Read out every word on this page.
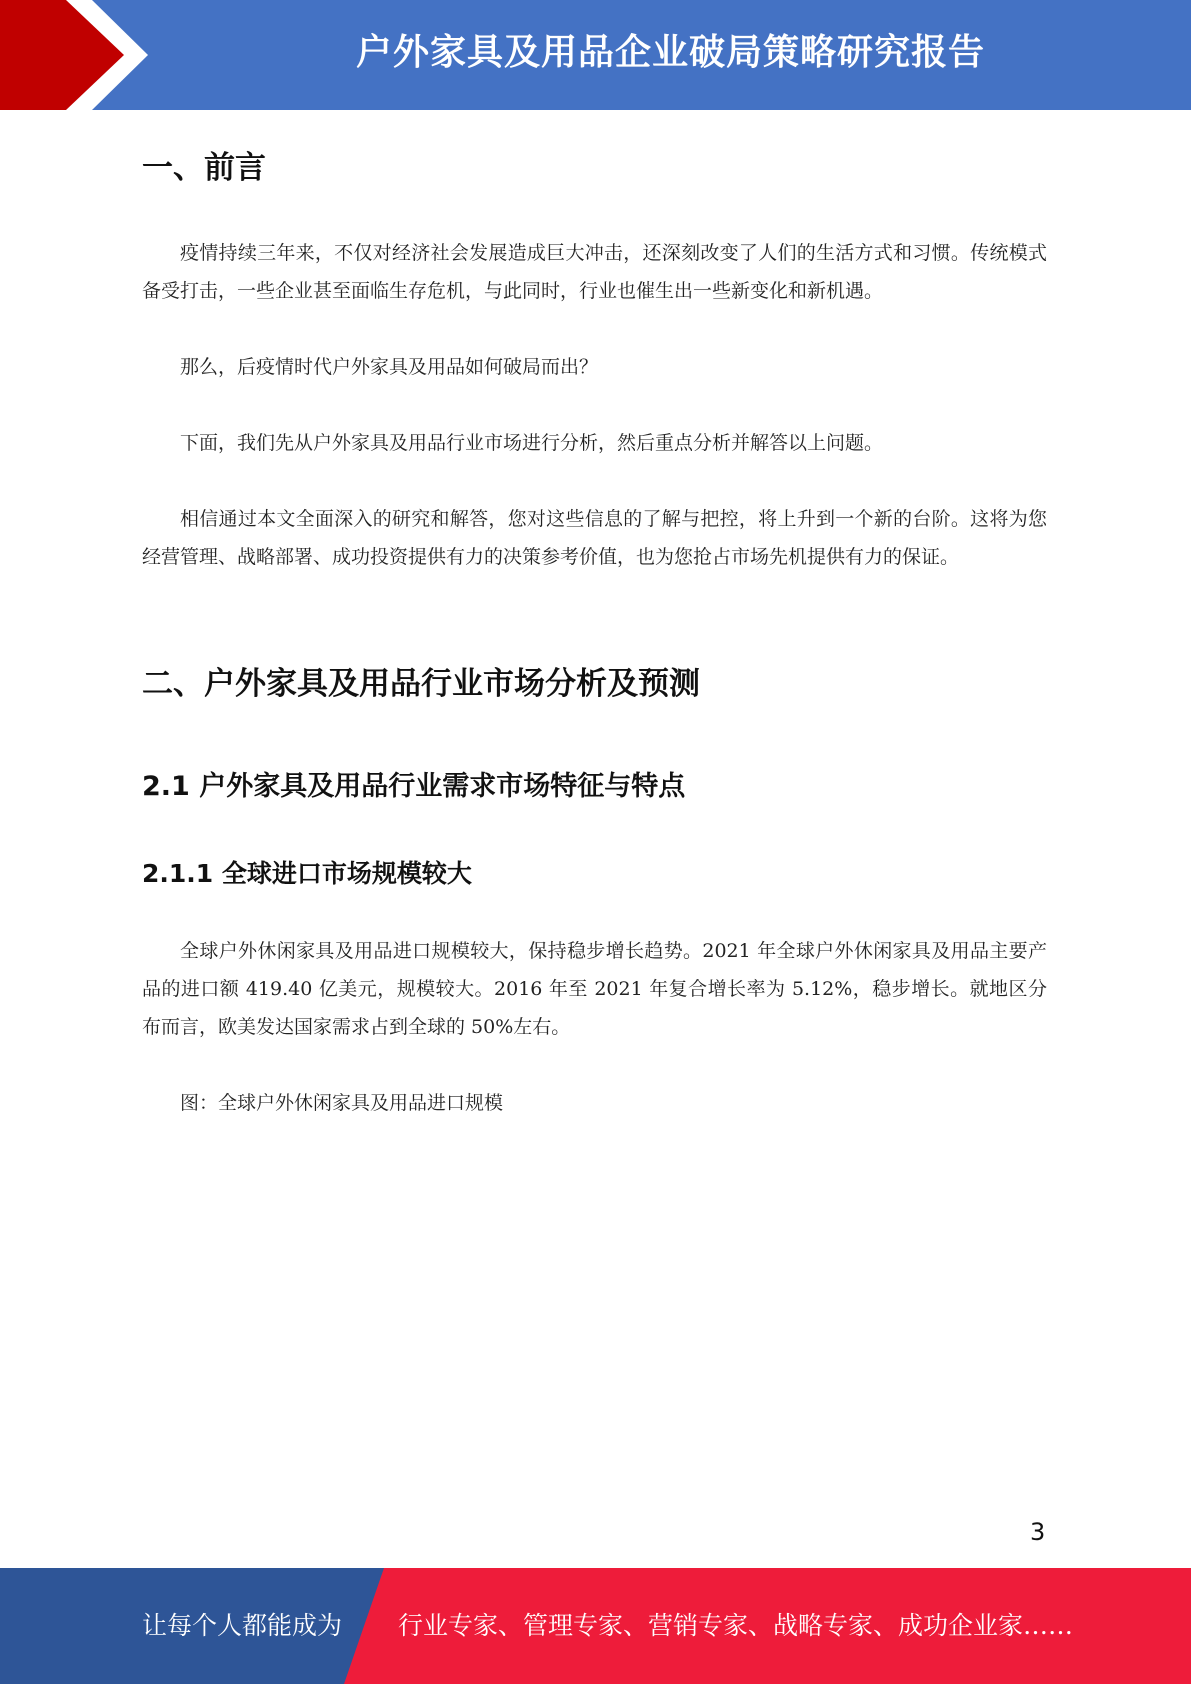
户外家具及用品企业破局策略研究报告
一、前言

疫情持续三年来，不仅对经济社会发展造成巨大冲击，还深刻改变了人们的生活方式和习惯。传统模式备受打击，一些企业甚至面临生存危机，与此同时，行业也催生出一些新变化和新机遇。

那么，后疫情时代户外家具及用品如何破局而出？

下面，我们先从户外家具及用品行业市场进行分析，然后重点分析并解答以上问题。

相信通过本文全面深入的研究和解答，您对这些信息的了解与把控，将上升到一个新的台阶。这将为您经营管理、战略部署、成功投资提供有力的决策参考价值，也为您抢占市场先机提供有力的保证。

二、户外家具及用品行业市场分析及预测
2.1 户外家具及用品行业需求市场特征与特点
2.1.1 全球进口市场规模较大

全球户外休闲家具及用品进口规模较大，保持稳步增长趋势。2021 年全球户外休闲家具及用品主要产品的进口额 419.40 亿美元，规模较大。2016 年至 2021 年复合增长率为 5.12%，稳步增长。就地区分布而言，欧美发达国家需求占到全球的 50%左右。

图：全球户外休闲家具及用品进口规模

3
让每个人都能成为 行业专家、管理专家、营销专家、战略专家、成功企业家……
